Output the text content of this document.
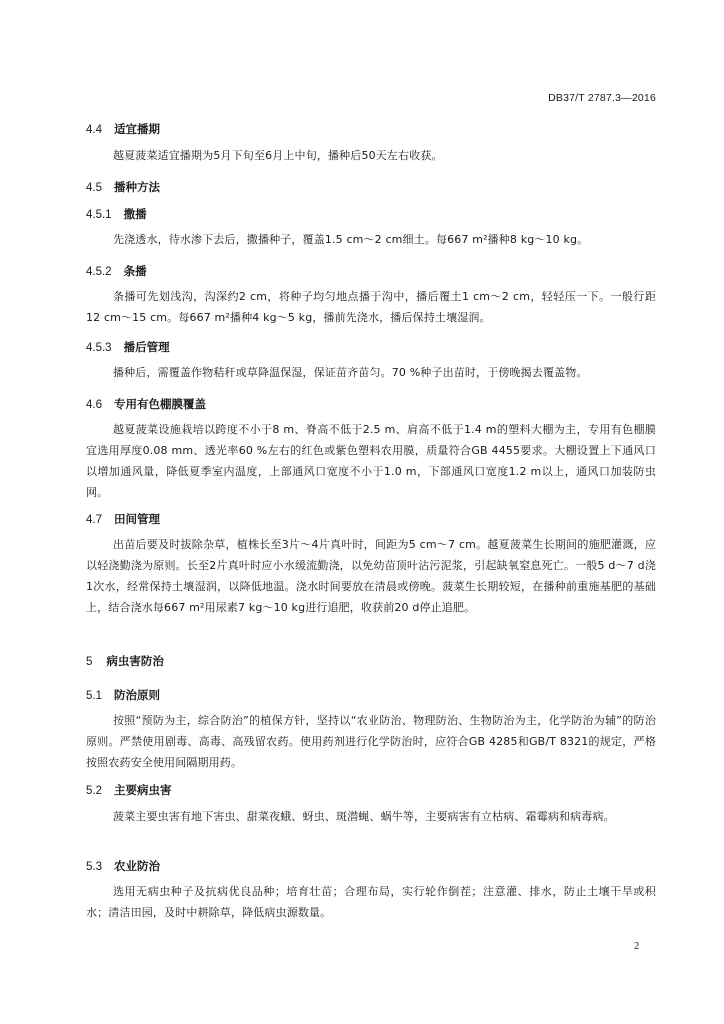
DB37/T 2787.3—2016
4.4 适宜播期
越夏菠菜适宜播期为5月下旬至6月上中旬，播种后50天左右收获。
4.5 播种方法
4.5.1 撒播
先浇透水，待水渗下去后，撒播种子，覆盖1.5 cm～2 cm细土。每667 m²播种8 kg～10 kg。
4.5.2 条播
条播可先划浅沟，沟深约2 cm，将种子均匀地点播于沟中，播后覆土1 cm～2 cm，轻轻压一下。一般行距12 cm～15 cm。每667 m²播种4 kg～5 kg，播前先浇水，播后保持土壤湿润。
4.5.3 播后管理
播种后，需覆盖作物秸秆或草降温保湿，保证苗齐苗匀。70 %种子出苗时，于傍晚揭去覆盖物。
4.6 专用有色棚膜覆盖
越夏菠菜设施栽培以跨度不小于8 m、脊高不低于2.5 m、肩高不低于1.4 m的塑料大棚为主，专用有色棚膜宜选用厚度0.08 mm、透光率60 %左右的红色或紫色塑料农用膜，质量符合GB 4455要求。大棚设置上下通风口以增加通风量，降低夏季室内温度，上部通风口宽度不小于1.0 m，下部通风口宽度1.2 m以上，通风口加装防虫网。
4.7 田间管理
出苗后要及时拔除杂草，植株长至3片～4片真叶时，间距为5 cm～7 cm。越夏菠菜生长期间的施肥灌溉，应以轻浇勤浇为原则。长至2片真叶时应小水缓流勤浇，以免幼苗顶叶沾污泥浆，引起缺氧窒息死亡。一般5 d～7 d浇1次水，经常保持土壤湿润，以降低地温。浇水时间要放在清晨或傍晚。菠菜生长期较短，在播种前重施基肥的基础上，结合浇水每667 m²用尿素7 kg～10 kg进行追肥，收获前20 d停止追肥。
5 病虫害防治
5.1 防治原则
按照“预防为主，综合防治”的植保方针，坚持以“农业防治、物理防治、生物防治为主，化学防治为辅”的防治原则。严禁使用剧毒、高毒、高残留农药。使用药剂进行化学防治时，应符合GB 4285和GB/T 8321的规定，严格按照农药安全使用间隔期用药。
5.2 主要病虫害
菠菜主要虫害有地下害虫、甜菜夜蛾、蚜虫、斑潜蝇、蜗牛等，主要病害有立枯病、霜霉病和病毒病。
5.3 农业防治
选用无病虫种子及抗病优良品种；培育壮苗；合理布局，实行轮作倒茬；注意灌、排水，防止土壤干旱或积水；清洁田园，及时中耕除草，降低病虫源数量。
2
